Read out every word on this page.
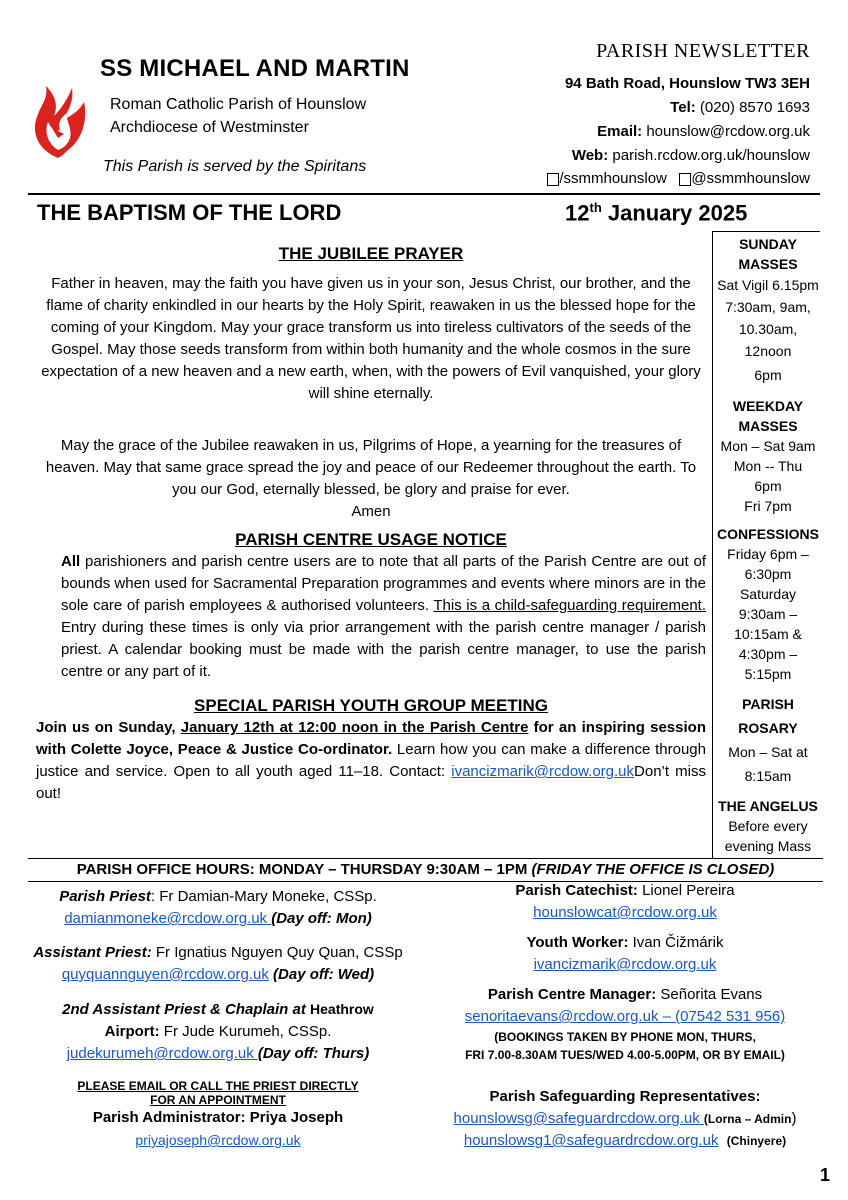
SS MICHAEL AND MARTIN
Roman Catholic Parish of Hounslow
Archdiocese of Westminster
This Parish is served by the Spiritans
PARISH NEWSLETTER
94 Bath Road, Hounslow TW3 3EH
Tel: (020) 8570 1693
Email: hounslow@rcdow.org.uk
Web: parish.rcdow.org.uk/hounslow
/ssmmhounslow @ssmmhounslow
THE BAPTISM OF THE LORD	12th January 2025
SUNDAY MASSES
Sat Vigil 6.15pm
7:30am, 9am,
10.30am,
12noon
6pm
WEEKDAY
MASSES
Mon – Sat 9am
Mon -- Thu
6pm
Fri 7pm
CONFESSIONS
Friday 6pm –
6:30pm
Saturday
9:30am –
10:15am &
4:30pm –
5:15pm
PARISH
ROSARY
Mon – Sat at
8:15am
THE ANGELUS
Before every
evening Mass
THE JUBILEE PRAYER
Father in heaven, may the faith you have given us in your son, Jesus Christ, our brother, and the flame of charity enkindled in our hearts by the Holy Spirit, reawaken in us the blessed hope for the coming of your Kingdom. May your grace transform us into tireless cultivators of the seeds of the Gospel. May those seeds transform from within both humanity and the whole cosmos in the sure expectation of a new heaven and a new earth, when, with the powers of Evil vanquished, your glory will shine eternally.
May the grace of the Jubilee reawaken in us, Pilgrims of Hope, a yearning for the treasures of heaven. May that same grace spread the joy and peace of our Redeemer throughout the earth. To you our God, eternally blessed, be glory and praise for ever.
Amen
PARISH CENTRE USAGE NOTICE
All parishioners and parish centre users are to note that all parts of the Parish Centre are out of bounds when used for Sacramental Preparation programmes and events where minors are in the sole care of parish employees & authorised volunteers. This is a child-safeguarding requirement. Entry during these times is only via prior arrangement with the parish centre manager / parish priest. A calendar booking must be made with the parish centre manager, to use the parish centre or any part of it.
SPECIAL PARISH YOUTH GROUP MEETING
Join us on Sunday, January 12th at 12:00 noon in the Parish Centre for an inspiring session with Colette Joyce, Peace & Justice Co-ordinator. Learn how you can make a difference through justice and service. Open to all youth aged 11–18. Contact: ivancizmarik@rcdow.org.ukDon’t miss out!
PARISH OFFICE HOURS: MONDAY – THURSDAY 9:30AM – 1PM (FRIDAY THE OFFICE IS CLOSED)
Parish Priest: Fr Damian-Mary Moneke, CSSp.
damianmoneke@rcdow.org.uk (Day off: Mon)
Assistant Priest: Fr Ignatius Nguyen Quy Quan, CSSp
quyquannguyen@rcdow.org.uk (Day off: Wed)
2nd Assistant Priest & Chaplain at Heathrow
Airport: Fr Jude Kurumeh, CSSp.
judekurumeh@rcdow.org.uk (Day off: Thurs)
PLEASE EMAIL OR CALL THE PRIEST DIRECTLY
FOR AN APPOINTMENT
Parish Administrator: Priya Joseph
priyajoseph@rcdow.org.uk
Parish Catechist: Lionel Pereira
hounslowcat@rcdow.org.uk
Youth Worker: Ivan Čižmárik
ivancizmarik@rcdow.org.uk
Parish Centre Manager: Señorita Evans
senoritaevans@rcdow.org.uk – (07542 531 956)
(BOOKINGS TAKEN BY PHONE MON, THURS,
FRI 7.00-8.30AM TUES/WED 4.00-5.00PM, OR BY EMAIL)
Parish Safeguarding Representatives:
hounslowsg@safeguardrcdow.org.uk (Lorna – Admin)
hounslowsg1@safeguardrcdow.org.uk (Chinyere)
1
